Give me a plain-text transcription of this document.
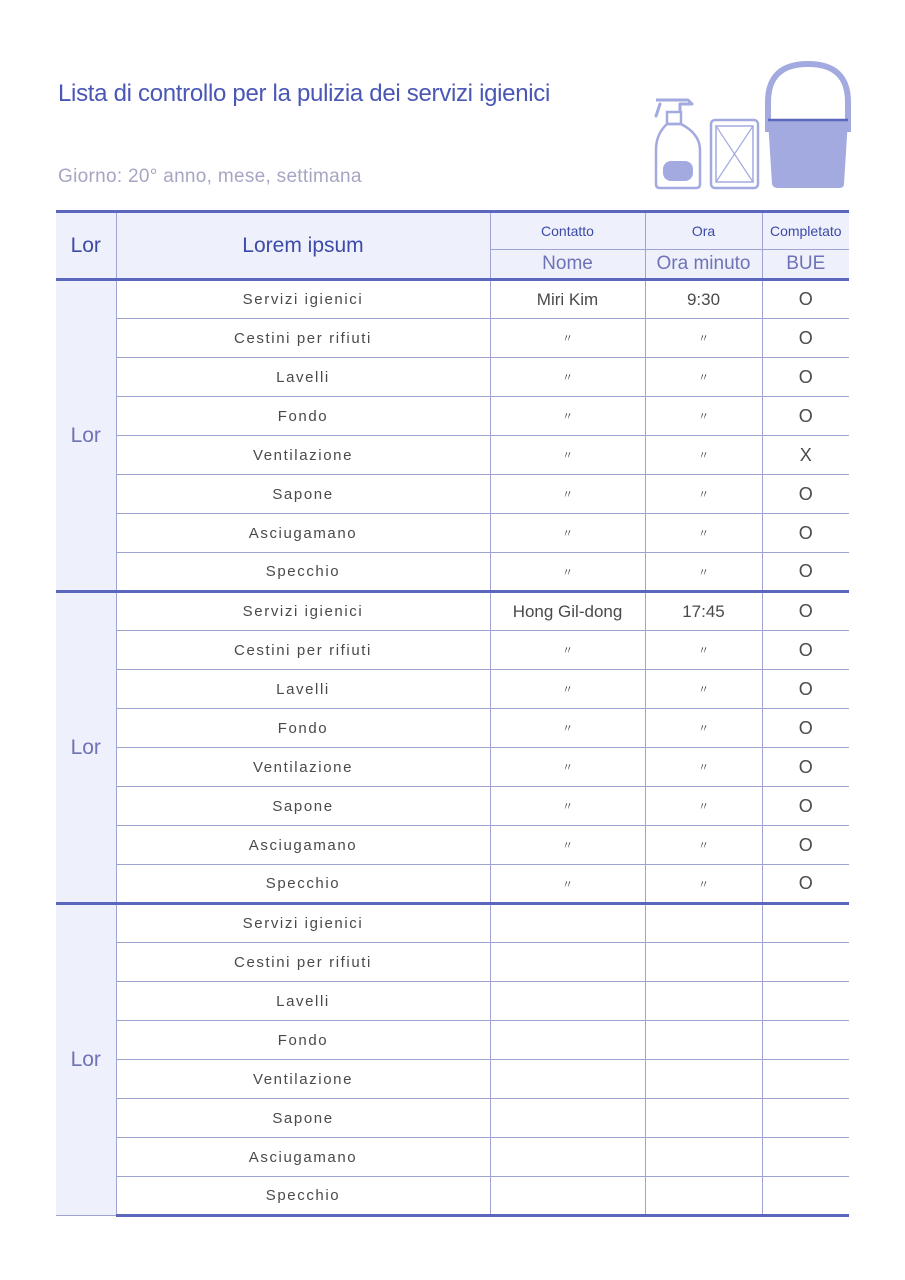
Lista di controllo per la pulizia dei servizi igienici
Giorno: 20° anno, mese, settimana
Lor	Lorem ipsum	Contatto	Ora	Completato
		Nome	Ora minuto	BUE
Lor	Servizi igienici	Miri Kim	9:30	O
	Cestini per rifiuti	〃	〃	O
	Lavelli	〃	〃	O
	Fondo	〃	〃	O
	Ventilazione	〃	〃	X
	Sapone	〃	〃	O
	Asciugamano	〃	〃	O
	Specchio	〃	〃	O
Lor	Servizi igienici	Hong Gil-dong	17:45	O
	Cestini per rifiuti	〃	〃	O
	Lavelli	〃	〃	O
	Fondo	〃	〃	O
	Ventilazione	〃	〃	O
	Sapone	〃	〃	O
	Asciugamano	〃	〃	O
	Specchio	〃	〃	O
Lor	Servizi igienici			
	Cestini per rifiuti			
	Lavelli			
	Fondo			
	Ventilazione			
	Sapone			
	Asciugamano			
	Specchio			
